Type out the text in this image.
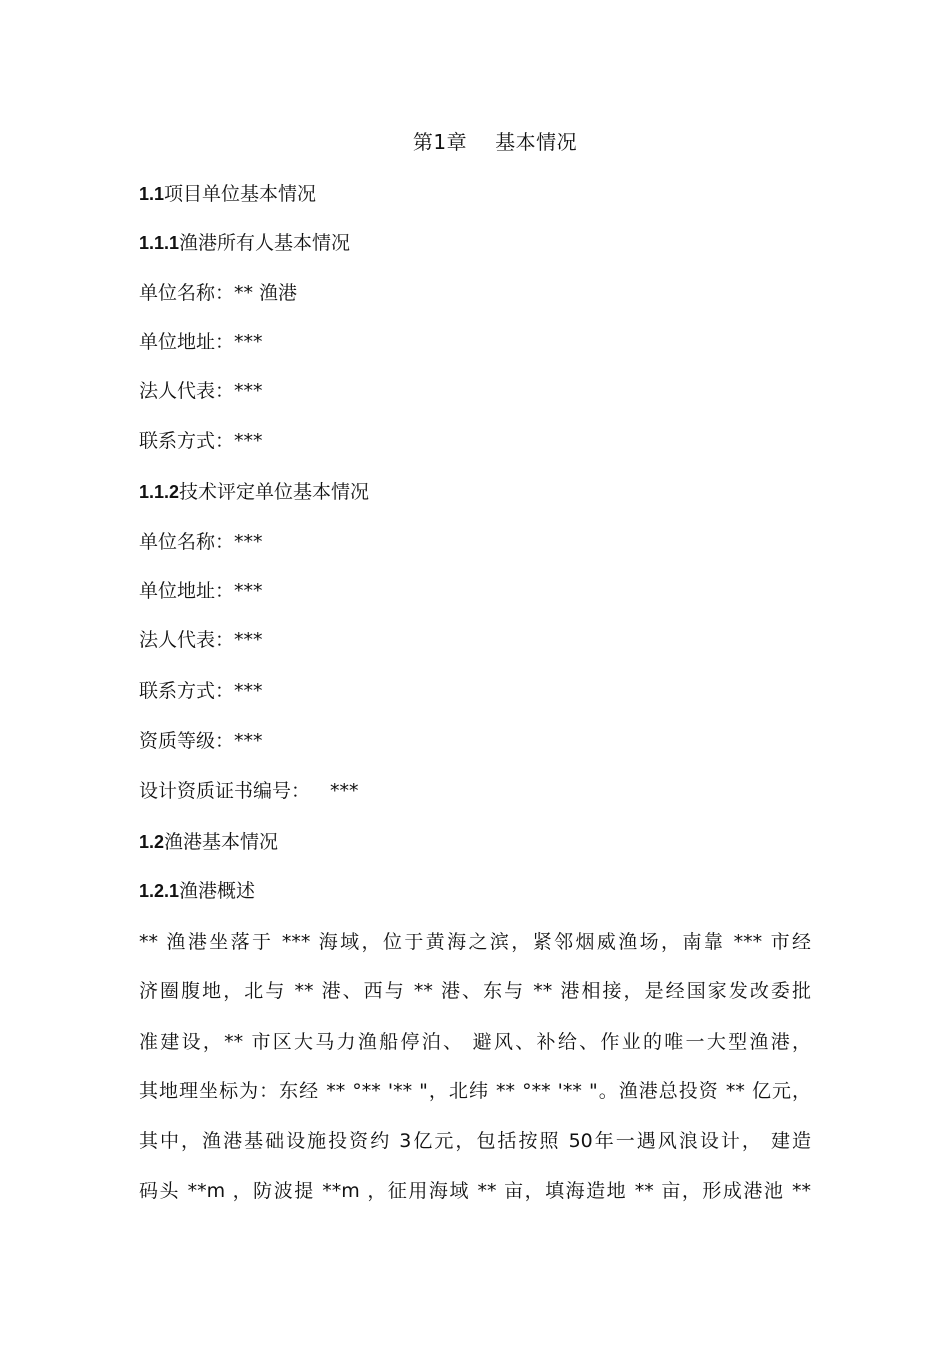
第1章 基本情况
1.1项目单位基本情况
1.1.1渔港所有人基本情况
单位名称：** 渔港
单位地址：***
法人代表：***
联系方式：***
1.1.2技术评定单位基本情况
单位名称：***
单位地址：***
法人代表：***
联系方式：***
资质等级：***
设计资质证书编号： ***
1.2渔港基本情况
1.2.1渔港概述
** 渔港坐落于 *** 海域，位于黄海之滨，紧邻烟威渔场，南靠 *** 市经
济圈腹地，北与 ** 港、西与 ** 港、东与 ** 港相接，是经国家发改委批
准建设，** 市区大马力渔船停泊、 避风、补给、作业的唯一大型渔港，
其地理坐标为：东经 ** °** '** "，北纬 ** °** '** "。渔港总投资 ** 亿元，
其中，渔港基础设施投资约 3亿元，包括按照 50年一遇风浪设计， 建造
码头 **m ，防波提 **m ，征用海域 ** 亩，填海造地 ** 亩，形成港池 **
